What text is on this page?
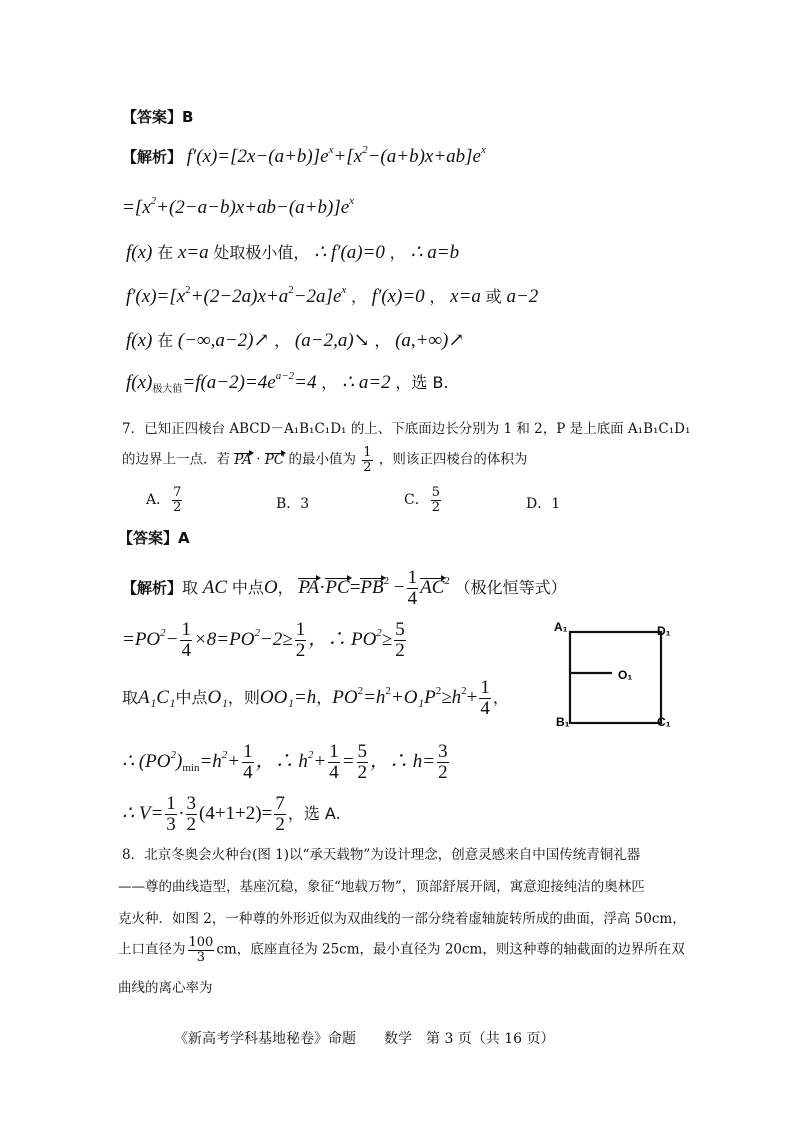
【答案】B
【解析】 $f'(x)=[2x-(a+b)]e^x+[x^2-(a+b)x+ab]e^x$
$=[x^2+(2-a-b)x+ab-(a+b)]e^x$
f(x) 在 x=a 处取极小值， ∴ f′(a)=0 ， ∴ a=b
$f'(x)=[x^2+(2-2a)x+a^2-2a]e^x$ ， f′(x)=0 ， x=a 或 a−2
f(x) 在 (−∞,a−2)↗ ， (a−2,a)↘ ， (a,+∞)↗
$f(x)_{极大值}=f(a-2)=4e^{a-2}=4$ ， ∴ a=2 ，选 B.
7．已知正四棱台 ABCD－A₁B₁C₁D₁ 的上、下底面边长分别为 1 和 2，P 是上底面 A₁B₁C₁D₁
的边界上一点．若 PA · PC 的最小值为 $\frac{1}{2}$ ，则该正四棱台的体积为
A． $\frac{7}{2}$	B．3	C． $\frac{5}{2}$	D．1
【答案】A
【解析】取 AC 中点O， $PA\cdot PC=PB^2 - \frac{1}{4} AC^2$ （极化恒等式）
$=PO^2- \frac{1}{4} \times 8=PO^2-2\ge \frac{1}{2}$ ，∴ $PO^2\ge \frac{5}{2}$
取A₁C₁中点O₁，则OO₁=h，$PO^2=h^2+O_1P^2\ge h^2+ \frac{1}{4}$ ，
∴ $(PO^2)_{min}=h^2+ \frac{1}{4}$ ，∴ $h^2+ \frac{1}{4} = \frac{5}{2}$ ，∴ $h= \frac{3}{2}$
∴ $V= \frac{1}{3} \cdot \frac{3}{2} (4+1+2)= \frac{7}{2}$ ，选 A.
A₁	D₁
O₁
B₁	C₁
8．北京冬奥会火种台(图 1)以“承天载物”为设计理念，创意灵感来自中国传统青铜礼器
——尊的曲线造型，基座沉稳，象征“地载万物”，顶部舒展开阔，寓意迎接纯洁的奥林匹
克火种．如图 2，一种尊的外形近似为双曲线的一部分绕着虚轴旋转所成的曲面，浮高 50cm，
上口直径为 $\frac{100}{3}$ cm，底座直径为 25cm，最小直径为 20cm，则这种尊的轴截面的边界所在双
曲线的离心率为
《新高考学科基地秘卷》命题　　数学　第 3 页（共 16 页）
